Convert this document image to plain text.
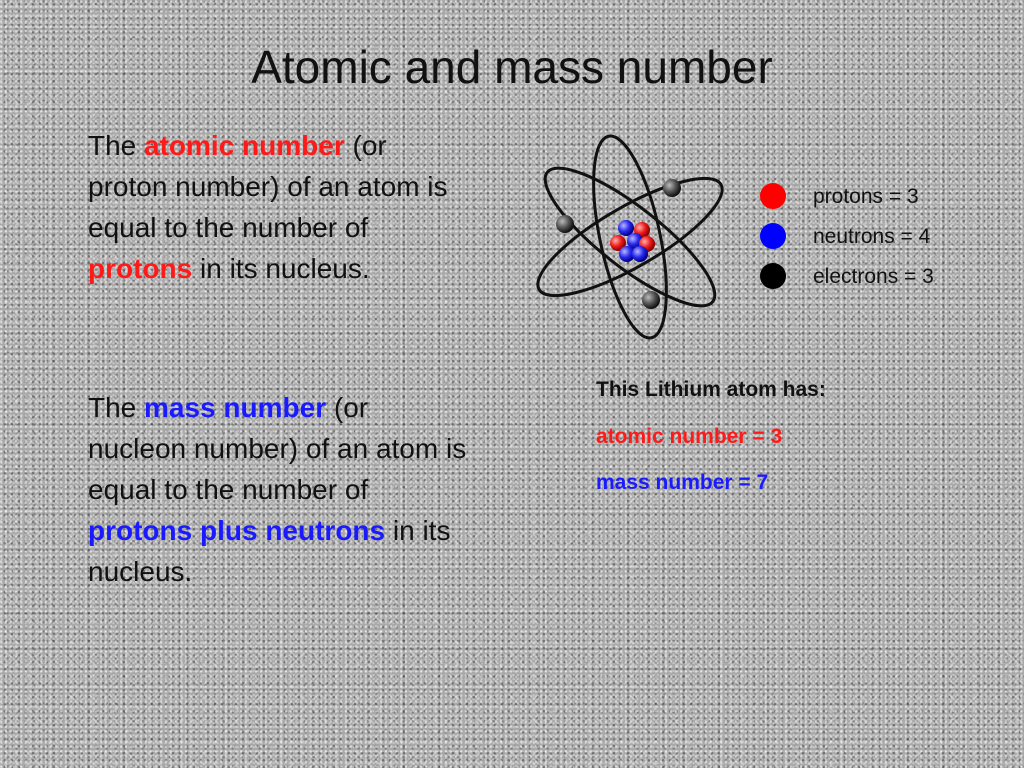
Atomic and mass number

The atomic number (or proton number) of an atom is equal to the number of protons in its nucleus.

The mass number (or nucleon number) of an atom is equal to the number of protons plus neutrons in its nucleus.

protons = 3
neutrons = 4
electrons = 3
This Lithium atom has:
atomic number = 3
mass number = 7
